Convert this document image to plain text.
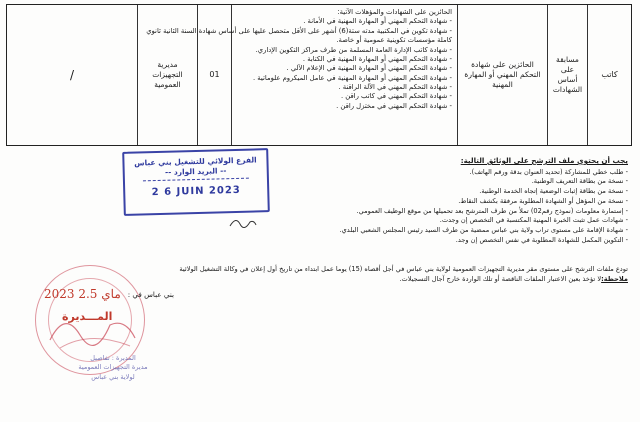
كاتب
مسابقة على أساس الشهادات
الحائزين على شهادة التحكم المهني أو المهارة المهنية
الحائزين على الشهادات والمؤهلات الآتية:
- شهادة التحكم المهني أو المهارة المهنية في الأمانة .
- شهادة تكوين في المكتبية مدته ستة(6) أشهر على الأقل متحصل عليها على أساس شهادة السنة الثانية ثانوي
كاملة مؤسسات تكوينية عمومية أو خاصة.
- شهادة كاتب الإدارة العامة المسلمة من طرف مراكز التكوين الإداري.
- شهادة التحكم المهني أو المهارة المهنية في الكتابة .
- شهادة التحكم المهني أو المهارة المهنية في الإعلام الآلي .
- شهادة التحكم المهني أو المهارة المهنية في عامل الميكروم علوماتية .
- شهادة التحكم المهني في الآلة الراقنة .
- شهادة التحكم المهني في كاتب راقن .
- شهادة التحكم المهني في مختزل راقن .
01
مديرية التجهيزات العمومية
/
الفرع الولائي للتشغيل بني عباس
-- البريد الوارد --
2 6 JUIN 2023
يجب أن يحتوي ملف الترشح على الوثائق التالية:
- طلب خطي للمشاركة (تحديد العنوان بدقة ورقم الهاتف).
- نسخة من بطاقة التعريف الوطنية.
- نسخة من بطاقة إثبات الوضعية إتجاه الخدمة الوطنية.
- نسخة من المؤهل أو الشهادة المطلوبة مرفقة بكشف النقاط.
- إستمارة معلومات (نموذج رقم02) تملأ من طرف المترشح بعد تحميلها من موقع الوظيف العمومي.
- شهادات عمل تثبت الخبرة المهنية المكتسبة في التخصص إن وجدت.
- شهادة الإقامة على مستوى تراب ولاية بني عباس ممضية من طرف السيد رئيس المجلس الشعبي البلدي.
- التكوين المكمل للشهادة المطلوبة في نفس التخصص إن وجد.
تودع ملفات الترشح على مستوى مقر مديرية التجهيزات العمومية لولاية بني عباس في أجل أقصاه (15) يوما عمل ابتداء من تاريخ أول إعلان في وكالة التشغيل الولائية
ملاحظة:لا تؤخذ بعين الاعتبار الملفات الناقصة أو تلك الواردة خارج آجال التسجيلات.
بني عباس في :
2023 ماي 2.5
المـــديرة
المديرة : تفاصيل
مديرة التجهيزات العمومية
لولاية بني عباس
